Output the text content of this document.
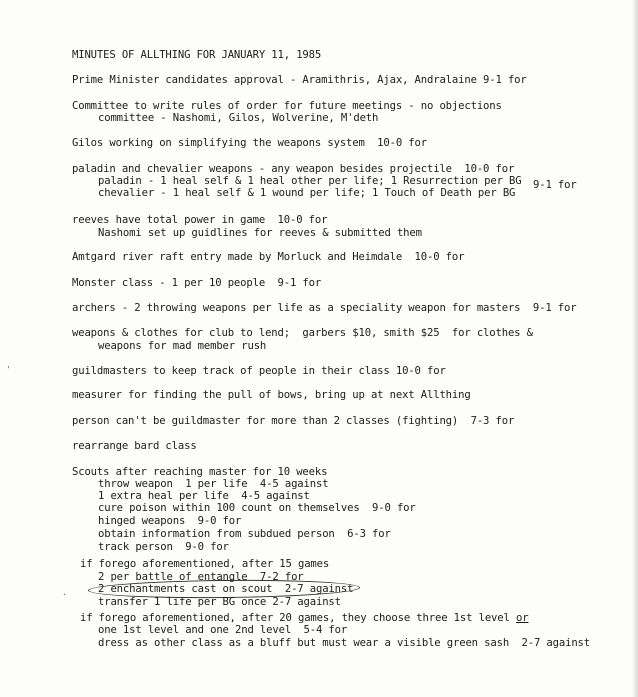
'
·
MINUTES OF ALLTHING FOR JANUARY 11, 1985
Prime Minister candidates approval - Aramithris, Ajax, Andralaine 9-1 for
Committee to write rules of order for future meetings - no objections
committee - Nashomi, Gilos, Wolverine, M'deth
Gilos working on simplifying the weapons system  10-0 for
paladin and chevalier weapons - any weapon besides projectile  10-0 for
paladin - 1 heal self & 1 heal other per life; 1 Resurrection per BG 9-1 for
chevalier - 1 heal self & 1 wound per life; 1 Touch of Death per BG
reeves have total power in game  10-0 for
Nashomi set up guidlines for reeves & submitted them
Amtgard river raft entry made by Morluck and Heimdale  10-0 for
Monster class - 1 per 10 people  9-1 for
archers - 2 throwing weapons per life as a speciality weapon for masters  9-1 for
weapons & clothes for club to lend;  garbers $10, smith $25  for clothes &
weapons for mad member rush
guildmasters to keep track of people in their class 10-0 for
measurer for finding the pull of bows, bring up at next Allthing
person can't be guildmaster for more than 2 classes (fighting)  7-3 for
rearrange bard class
Scouts after reaching master for 10 weeks
throw weapon  1 per life  4-5 against
1 extra heal per life  4-5 against
cure poison within 100 count on themselves  9-0 for
hinged weapons  9-0 for
obtain information from subdued person  6-3 for
track person  9-0 for
if forego aforementioned, after 15 games
2 per battle of entangle  7-2 for
2 enchantments cast on scout  2-7 against
transfer 1 life per BG once 2-7 against
if forego aforementioned, after 20 games, they choose three 1st level or
one 1st level and one 2nd level  5-4 for
dress as other class as a bluff but must wear a visible green sash  2-7 against
